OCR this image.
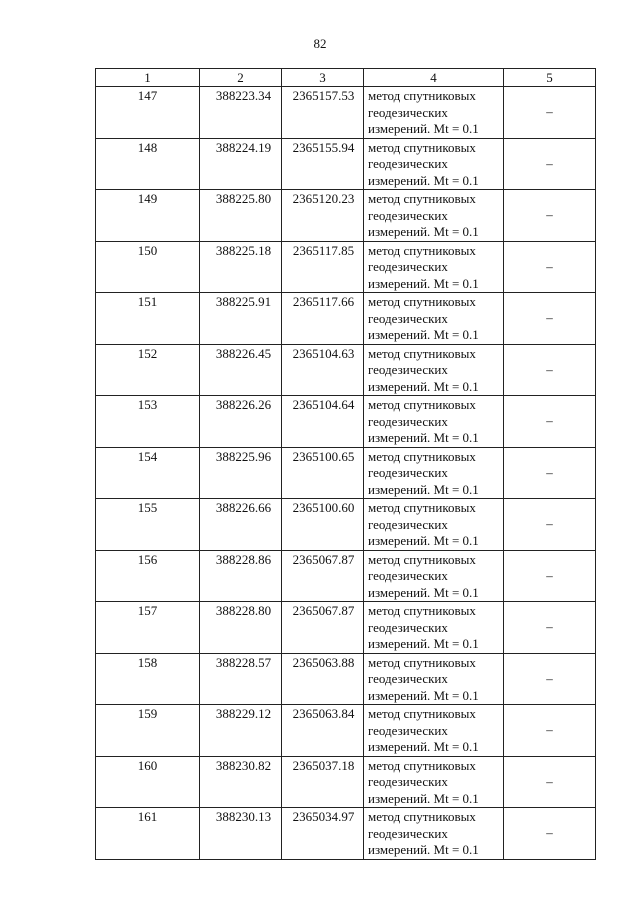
82
1	2	3	4	5
147	388223.34	2365157.53	метод спутниковых
геодезических
измерений. Mt = 0.1	–
148	388224.19	2365155.94	метод спутниковых
геодезических
измерений. Mt = 0.1	–
149	388225.80	2365120.23	метод спутниковых
геодезических
измерений. Mt = 0.1	–
150	388225.18	2365117.85	метод спутниковых
геодезических
измерений. Mt = 0.1	–
151	388225.91	2365117.66	метод спутниковых
геодезических
измерений. Mt = 0.1	–
152	388226.45	2365104.63	метод спутниковых
геодезических
измерений. Mt = 0.1	–
153	388226.26	2365104.64	метод спутниковых
геодезических
измерений. Mt = 0.1	–
154	388225.96	2365100.65	метод спутниковых
геодезических
измерений. Mt = 0.1	–
155	388226.66	2365100.60	метод спутниковых
геодезических
измерений. Mt = 0.1	–
156	388228.86	2365067.87	метод спутниковых
геодезических
измерений. Mt = 0.1	–
157	388228.80	2365067.87	метод спутниковых
геодезических
измерений. Mt = 0.1	–
158	388228.57	2365063.88	метод спутниковых
геодезических
измерений. Mt = 0.1	–
159	388229.12	2365063.84	метод спутниковых
геодезических
измерений. Mt = 0.1	–
160	388230.82	2365037.18	метод спутниковых
геодезических
измерений. Mt = 0.1	–
161	388230.13	2365034.97	метод спутниковых
геодезических
измерений. Mt = 0.1	–
